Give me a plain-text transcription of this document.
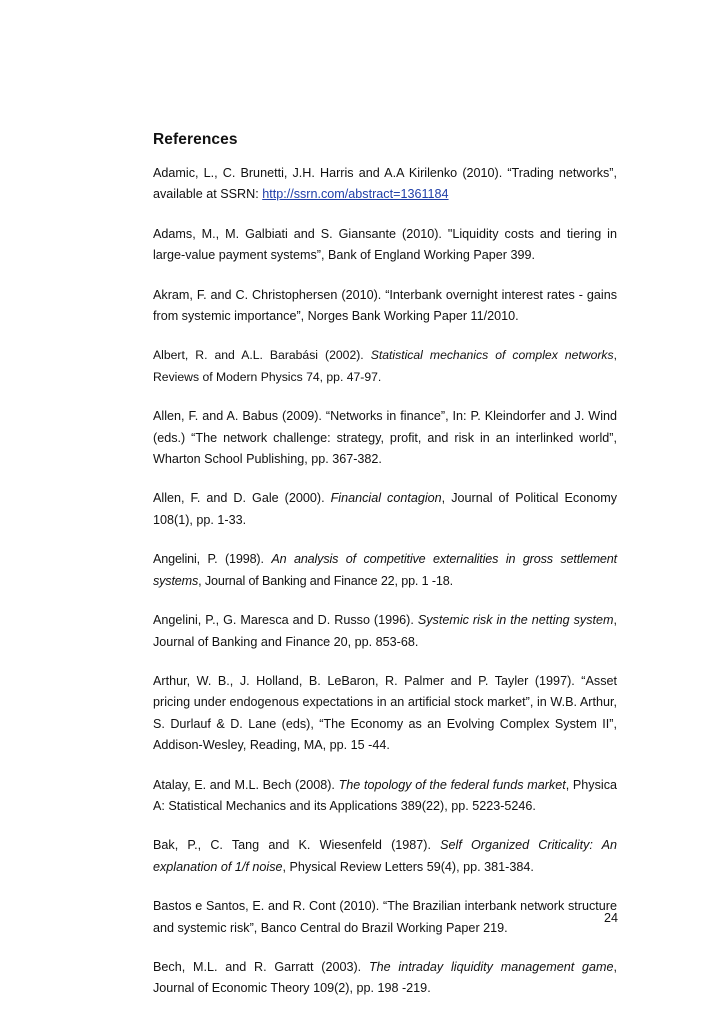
References

Adamic, L., C. Brunetti, J.H. Harris and A.A Kirilenko (2010). “Trading networks”, available at SSRN: http://ssrn.com/abstract=1361184

Adams, M., M. Galbiati and S. Giansante (2010). "Liquidity costs and tiering in large-value payment systems”, Bank of England Working Paper 399.

Akram, F. and C. Christophersen (2010). “Interbank overnight interest rates - gains from systemic importance”, Norges Bank Working Paper 11/2010.

Albert, R. and A.L. Barabási (2002). Statistical mechanics of complex networks, Reviews of Modern Physics 74, pp. 47-97.

Allen, F. and A. Babus (2009). “Networks in finance”, In: P. Kleindorfer and J. Wind (eds.) “The network challenge: strategy, profit, and risk in an interlinked world”, Wharton School Publishing, pp. 367-382.

Allen, F. and D. Gale (2000). Financial contagion, Journal of Political Economy 108(1), pp. 1-33.

Angelini, P. (1998). An analysis of competitive externalities in gross settlement systems, Journal of Banking and Finance 22, pp. 1 -18.

Angelini, P., G. Maresca and D. Russo (1996). Systemic risk in the netting system, Journal of Banking and Finance 20, pp. 853-68.

Arthur, W. B., J. Holland, B. LeBaron, R. Palmer and P. Tayler (1997). “Asset pricing under endogenous expectations in an artificial stock market”, in W.B. Arthur, S. Durlauf & D. Lane (eds), “The Economy as an Evolving Complex System II”, Addison-Wesley, Reading, MA, pp. 15 -44.

Atalay, E. and M.L. Bech (2008). The topology of the federal funds market, Physica A: Statistical Mechanics and its Applications 389(22), pp. 5223-5246.

Bak, P., C. Tang and K. Wiesenfeld (1987). Self Organized Criticality: An explanation of 1/f noise, Physical Review Letters 59(4), pp. 381-384.

Bastos e Santos, E. and R. Cont (2010). “The Brazilian interbank network structure and systemic risk”, Banco Central do Brazil Working Paper 219.

Bech, M.L. and R. Garratt (2003). The intraday liquidity management game, Journal of Economic Theory 109(2), pp. 198 -219.

24
